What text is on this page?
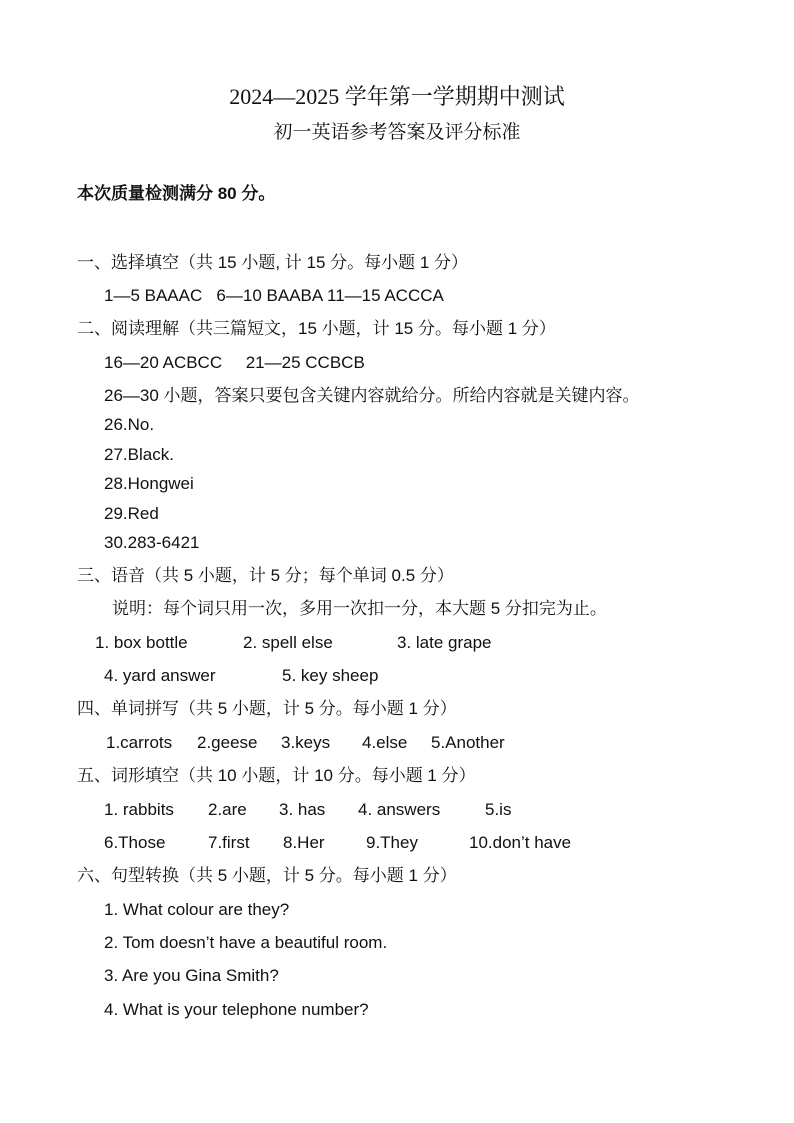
2024—2025 学年第一学期期中测试
初一英语参考答案及评分标准
本次质量检测满分 80 分。
一、选择填空（共 15 小题, 计 15 分。每小题 1 分）
1—5 BAAAC   6—10 BAABA 11—15 ACCCA
二、阅读理解（共三篇短文，15 小题，计 15 分。每小题 1 分）
16—20 ACBCC     21—25 CCBCB
26—30 小题，答案只要包含关键内容就给分。所给内容就是关键内容。
26.No.
27.Black.
28.Hongwei
29.Red
30.283-6421
三、语音（共 5 小题，计 5 分；每个单词 0.5 分）
说明：每个词只用一次，多用一次扣一分，本大题 5 分扣完为止。
1. box bottle	2. spell else	3. late grape
4. yard answer	5. key sheep
四、单词拼写（共 5 小题，计 5 分。每小题 1 分）
1.carrots 2.geese 3.keys 4.else 5.Another
五、词形填空（共 10 小题，计 10 分。每小题 1 分）
1. rabbits 2.are 3. has 4. answers	5.is
6.Those	7.first 8.Her 9.They	10.don’t have
六、句型转换（共 5 小题，计 5 分。每小题 1 分）
1. What colour are they?
2. Tom doesn’t have a beautiful room.
3. Are you Gina Smith?
4. What is your telephone number?
